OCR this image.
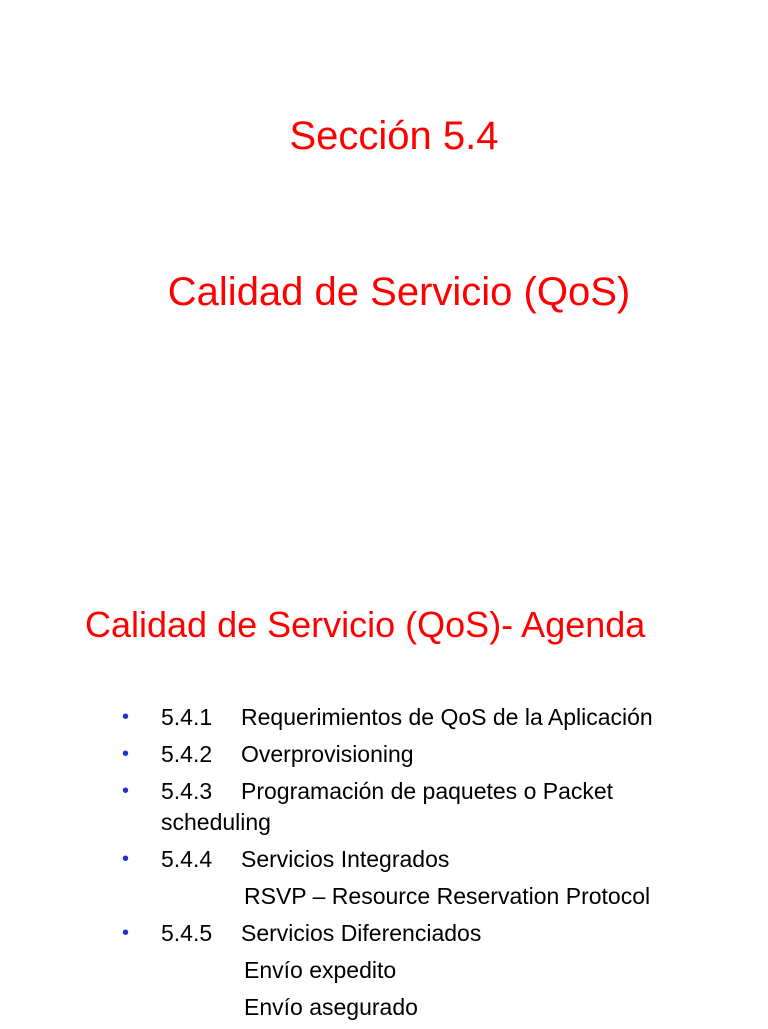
Sección 5.4
Calidad de Servicio (QoS)
Calidad de Servicio (QoS)- Agenda
• 5.4.1 Requerimientos de QoS de la Aplicación
• 5.4.2 Overprovisioning
• 5.4.3 Programación de paquetes o Packet scheduling
• 5.4.4 Servicios Integrados
RSVP – Resource Reservation Protocol
• 5.4.5 Servicios Diferenciados
Envío expedito
Envío asegurado
